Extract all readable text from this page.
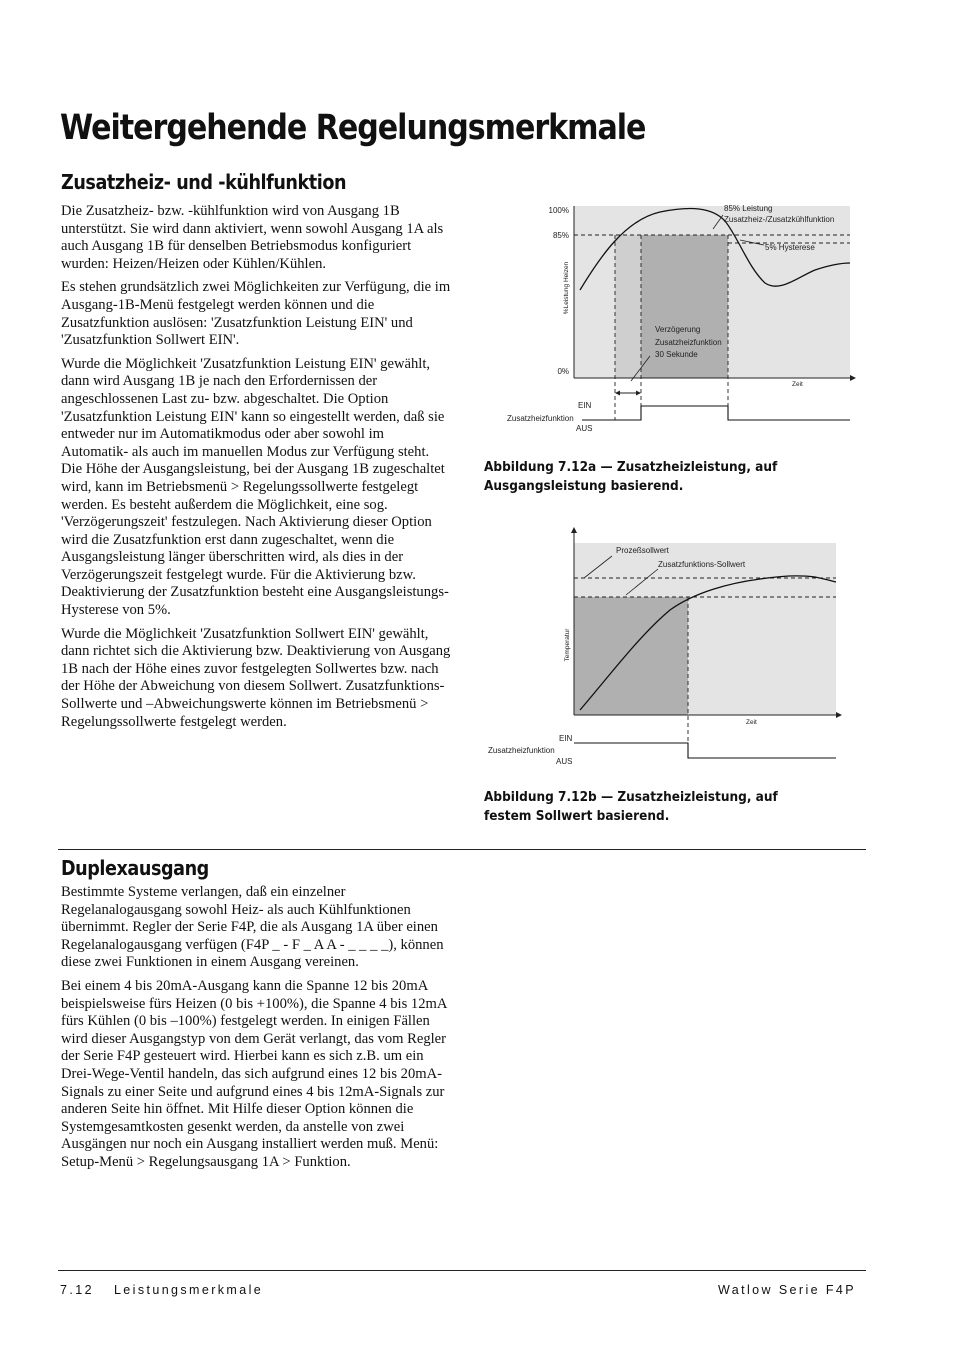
Weitergehende Regelungsmerkmale
Zusatzheiz- und -kühlfunktion

Die Zusatzheiz- bzw. -kühlfunktion wird von Ausgang 1B unterstützt. Sie wird dann aktiviert, wenn sowohl Ausgang 1A als auch Ausgang 1B für denselben Betriebsmodus konfiguriert wurden: Heizen/Heizen oder Kühlen/Kühlen.

Es stehen grundsätzlich zwei Möglichkeiten zur Verfügung, die im Ausgang-1B-Menü festgelegt werden können und die Zusatzfunktion auslösen: 'Zusatzfunktion Leistung EIN' und 'Zusatzfunktion Sollwert EIN'.

Wurde die Möglichkeit 'Zusatzfunktion Leistung EIN' gewählt, dann wird Ausgang 1B je nach den Erfordernissen der angeschlossenen Last zu- bzw. abgeschaltet. Die Option 'Zusatzfunktion Leistung EIN' kann so eingestellt werden, daß sie entweder nur im Automatikmodus oder aber sowohl im Automatik- als auch im manuellen Modus zur Verfügung steht. Die Höhe der Ausgangsleistung, bei der Ausgang 1B zugeschaltet wird, kann im Betriebsmenü > Regelungssollwerte festgelegt werden. Es besteht außerdem die Möglichkeit, eine sog. 'Verzögerungszeit' festzulegen. Nach Aktivierung dieser Option wird die Zusatzfunktion erst dann zugeschaltet, wenn die Ausgangsleistung länger überschritten wird, als dies in der Verzögerungszeit festgelegt wurde. Für die Aktivierung bzw. Deaktivierung der Zusatzfunktion besteht eine Ausgangsleistungs-Hysterese von 5%.

Wurde die Möglichkeit 'Zusatzfunktion Sollwert EIN' gewählt, dann richtet sich die Aktivierung bzw. Deaktivierung von Ausgang 1B nach der Höhe eines zuvor festgelegten Sollwertes bzw. nach der Höhe der Abweichung von diesem Sollwert. Zusatzfunktions-Sollwerte und –Abweichungswerte können im Betriebsmenü > Regelungssollwerte festgelegt werden.

100%
85%
0%
%Leistung Heizen
Zeit
85% Leistung
Zusatzheiz-/Zusatzkühlfunktion
5% Hysterese
Verzögerung
Zusatzheizfunktion
30 Sekunde
EIN
Zusatzheizfunktion
AUS

Abbildung 7.12a — Zusatzheizleistung, auf Ausgangsleistung basierend.

Temperatur
Zeit
Prozeßsollwert
Zusatzfunktions-Sollwert
EIN
Zusatzheizfunktion
AUS

Abbildung 7.12b — Zusatzheizleistung, auf festem Sollwert basierend.

Duplexausgang

Bestimmte Systeme verlangen, daß ein einzelner Regelanalogausgang sowohl Heiz- als auch Kühlfunktionen übernimmt. Regler der Serie F4P, die als Ausgang 1A über einen Regelanalogausgang verfügen (F4P _ - F _ A A - _ _ _ _), können diese zwei Funktionen in einem Ausgang vereinen.

Bei einem 4 bis 20mA-Ausgang kann die Spanne 12 bis 20mA beispielsweise fürs Heizen (0 bis +100%), die Spanne 4 bis 12mA fürs Kühlen (0 bis –100%) festgelegt werden. In einigen Fällen wird dieser Ausgangstyp von dem Gerät verlangt, das vom Regler der Serie F4P gesteuert wird. Hierbei kann es sich z.B. um ein Drei-Wege-Ventil handeln, das sich aufgrund eines 12 bis 20mA-Signals zu einer Seite und aufgrund eines 4 bis 12mA-Signals zur anderen Seite hin öffnet. Mit Hilfe dieser Option können die Systemgesamtkosten gesenkt werden, da anstelle von zwei Ausgängen nur noch ein Ausgang installiert werden muß. Menü: Setup-Menü > Regelungsausgang 1A > Funktion.

7.12 Leistungsmerkmale	Watlow Serie F4P
